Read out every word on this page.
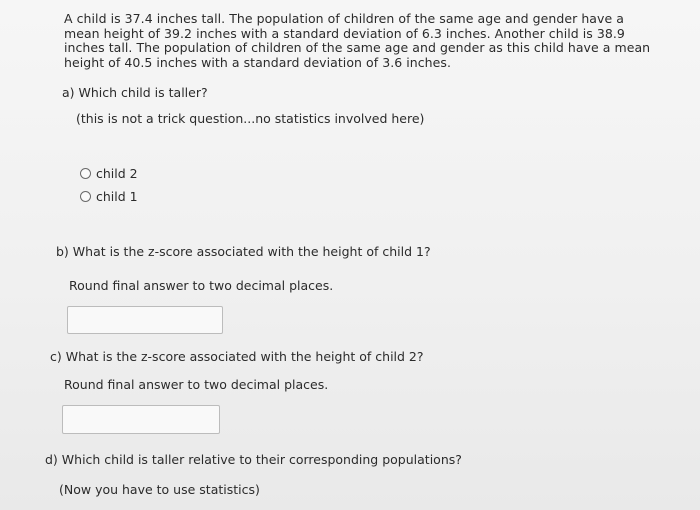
A child is 37.4 inches tall. The population of children of the same age and gender have a mean height of 39.2 inches with a standard deviation of 6.3 inches. Another child is 38.9 inches tall. The population of children of the same age and gender as this child have a mean height of 40.5 inches with a standard deviation of 3.6 inches.
a) Which child is taller?
(this is not a trick question...no statistics involved here)
child 2
child 1
b) What is the z-score associated with the height of child 1?
Round final answer to two decimal places.
c) What is the z-score associated with the height of child 2?
Round final answer to two decimal places.
d) Which child is taller relative to their corresponding populations?
(Now you have to use statistics)
